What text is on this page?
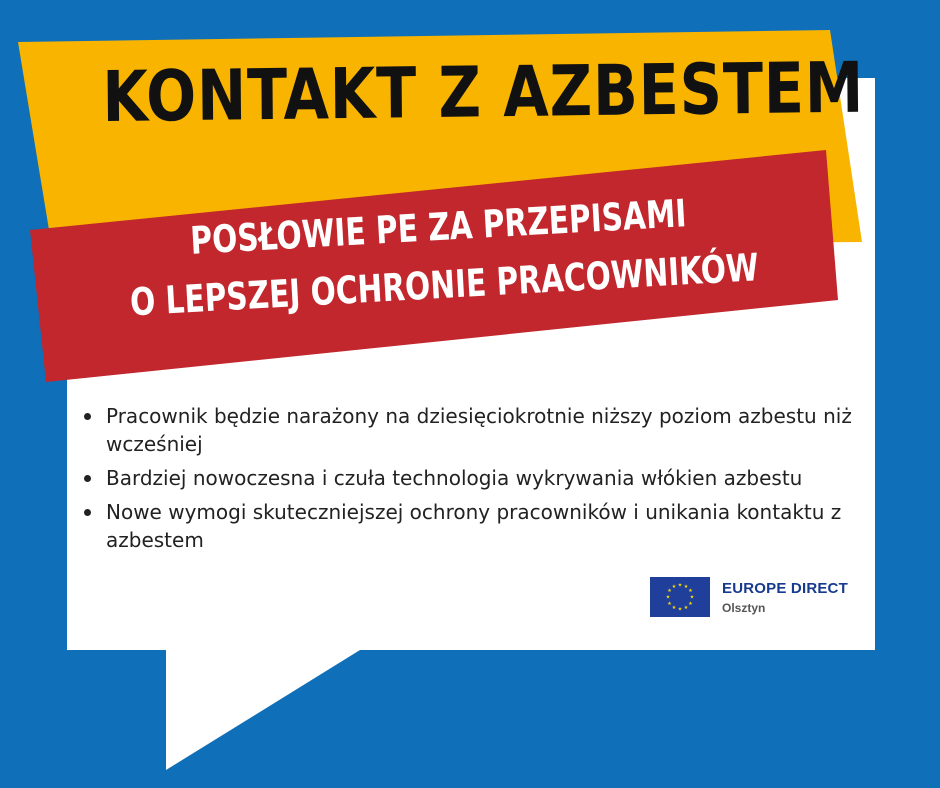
KONTAKT Z AZBESTEM
POSŁOWIE PE ZA PRZEPISAMI
O LEPSZEJ OCHRONIE PRACOWNIKÓW
Pracownik będzie narażony na dziesięciokrotnie niższy poziom azbestu niż wcześniej
Bardziej nowoczesna i czuła technologia wykrywania włókien azbestu
Nowe wymogi skuteczniejszej ochrony pracowników i unikania kontaktu z azbestem
★ ★
★
★
★
★
★
★
★
★
★
★	EUROPE DIRECT
Olsztyn
